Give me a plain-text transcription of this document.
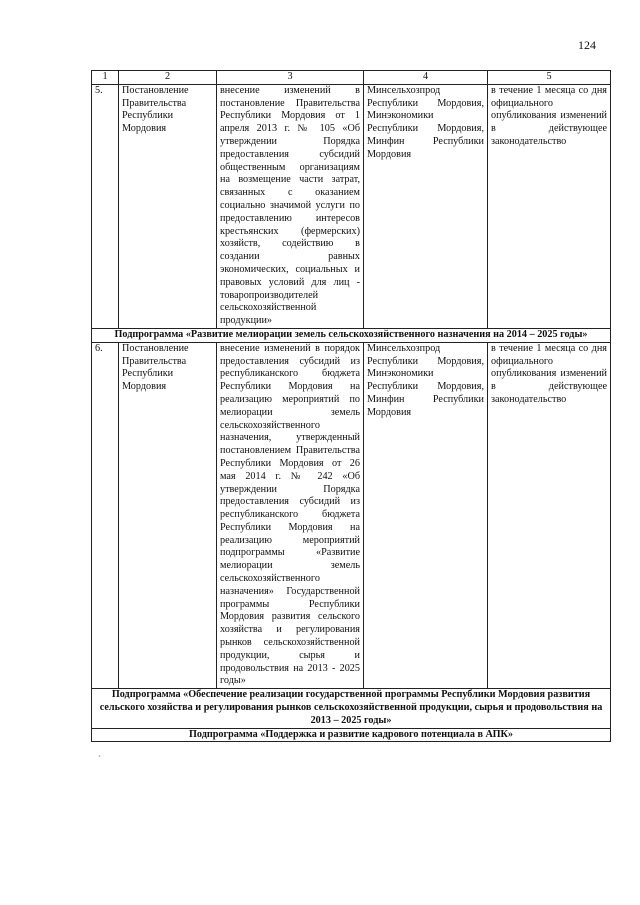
124
1	2	3	4	5
5.	Постановление Правительства Республики Мордовия	внесение изменений в постановление Правительства Республики Мордовия от 1 апреля 2013 г. № 105 «Об утверждении Порядка предоставления субсидий общественным организациям на возмещение части затрат, связанных с оказанием социально значимой услуги по предоставлению интересов крестьянских (фермерских) хозяйств, содействию в создании равных экономических, социальных и правовых условий для лиц - товаропроизводителей сельскохозяйственной продукции»	Минсельхозпрод Республики Мордовия, Минэкономики Республики Мордовия, Минфин Республики Мордовия	в течение 1 месяца со дня официального опубликования изменений в действующее законодательство
Подпрограмма «Развитие мелиорации земель сельскохозяйственного назначения на 2014 – 2025 годы»				
6.	Постановление Правительства Республики Мордовия	внесение изменений в порядок предоставления субсидий из республиканского бюджета Республики Мордовия на реализацию мероприятий по мелиорации земель сельскохозяйственного назначения, утвержденный постановлением Правительства Республики Мордовия от 26 мая 2014 г. № 242 «Об утверждении Порядка предоставления субсидий из республиканского бюджета Республики Мордовия на реализацию мероприятий подпрограммы «Развитие мелиорации земель сельскохозяйственного назначения» Государственной программы Республики Мордовия развития сельского хозяйства и регулирования рынков сельскохозяйственной продукции, сырья и продовольствия на 2013 - 2025 годы»	Минсельхозпрод Республики Мордовия, Минэкономики Республики Мордовия, Минфин Республики Мордовия	в течение 1 месяца со дня официального опубликования изменений в действующее законодательство
Подпрограмма «Обеспечение реализации государственной программы Республики Мордовия развития сельского хозяйства и регулирования рынков сельскохозяйственной продукции, сырья и продовольствия на 2013 – 2025 годы»				
Подпрограмма «Поддержка и развитие кадрового потенциала в АПК»				
`
